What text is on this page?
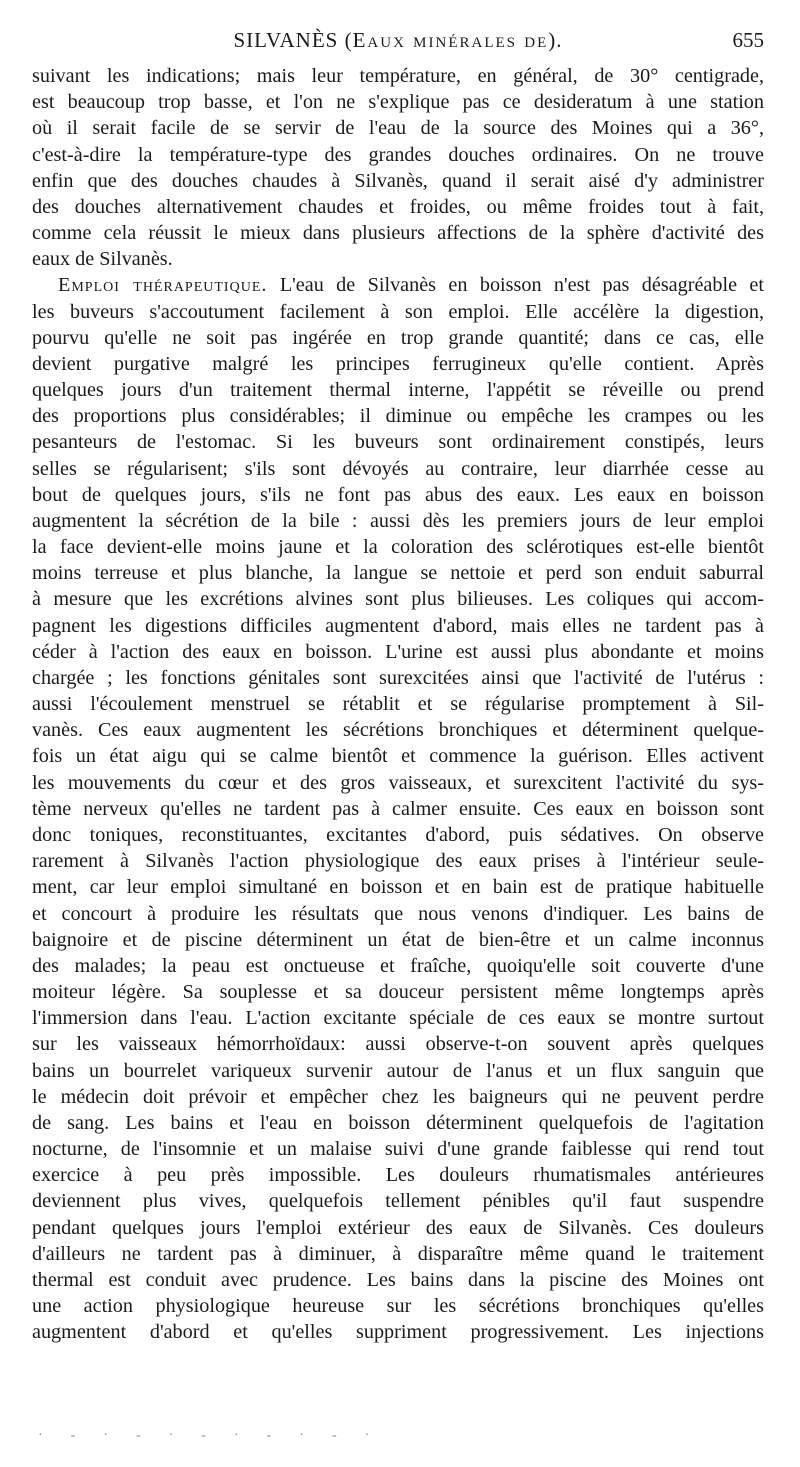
SILVANÈS (Eaux minérales de).	655
suivant les indications; mais leur température, en général, de 30° centigrade,
est beaucoup trop basse, et l'on ne s'explique pas ce desideratum à une station
où il serait facile de se servir de l'eau de la source des Moines qui a 36°,
c'est-à-dire la température-type des grandes douches ordinaires. On ne trouve
enfin que des douches chaudes à Silvanès, quand il serait aisé d'y administrer
des douches alternativement chaudes et froides, ou même froides tout à fait,
comme cela réussit le mieux dans plusieurs affections de la sphère d'activité des
eaux de Silvanès.
Emploi thérapeutique. L'eau de Silvanès en boisson n'est pas désagréable et
les buveurs s'accoutument facilement à son emploi. Elle accélère la digestion,
pourvu qu'elle ne soit pas ingérée en trop grande quantité; dans ce cas, elle
devient purgative malgré les principes ferrugineux qu'elle contient. Après
quelques jours d'un traitement thermal interne, l'appétit se réveille ou prend
des proportions plus considérables; il diminue ou empêche les crampes ou les
pesanteurs de l'estomac. Si les buveurs sont ordinairement constipés, leurs
selles se régularisent; s'ils sont dévoyés au contraire, leur diarrhée cesse au
bout de quelques jours, s'ils ne font pas abus des eaux. Les eaux en boisson
augmentent la sécrétion de la bile : aussi dès les premiers jours de leur emploi
la face devient-elle moins jaune et la coloration des sclérotiques est-elle bientôt
moins terreuse et plus blanche, la langue se nettoie et perd son enduit saburral
à mesure que les excrétions alvines sont plus bilieuses. Les coliques qui accom-
pagnent les digestions difficiles augmentent d'abord, mais elles ne tardent pas à
céder à l'action des eaux en boisson. L'urine est aussi plus abondante et moins
chargée ; les fonctions génitales sont surexcitées ainsi que l'activité de l'utérus :
aussi l'écoulement menstruel se rétablit et se régularise promptement à Sil-
vanès. Ces eaux augmentent les sécrétions bronchiques et déterminent quelque-
fois un état aigu qui se calme bientôt et commence la guérison. Elles activent
les mouvements du cœur et des gros vaisseaux, et surexcitent l'activité du sys-
tème nerveux qu'elles ne tardent pas à calmer ensuite. Ces eaux en boisson sont
donc toniques, reconstituantes, excitantes d'abord, puis sédatives. On observe
rarement à Silvanès l'action physiologique des eaux prises à l'intérieur seule-
ment, car leur emploi simultané en boisson et en bain est de pratique habituelle
et concourt à produire les résultats que nous venons d'indiquer. Les bains de
baignoire et de piscine déterminent un état de bien-être et un calme inconnus
des malades; la peau est onctueuse et fraîche, quoiqu'elle soit couverte d'une
moiteur légère. Sa souplesse et sa douceur persistent même longtemps après
l'immersion dans l'eau. L'action excitante spéciale de ces eaux se montre surtout
sur les vaisseaux hémorrhoïdaux: aussi observe-t-on souvent après quelques
bains un bourrelet variqueux survenir autour de l'anus et un flux sanguin que
le médecin doit prévoir et empêcher chez les baigneurs qui ne peuvent perdre
de sang. Les bains et l'eau en boisson déterminent quelquefois de l'agitation
nocturne, de l'insomnie et un malaise suivi d'une grande faiblesse qui rend tout
exercice à peu près impossible. Les douleurs rhumatismales antérieures
deviennent plus vives, quelquefois tellement pénibles qu'il faut suspendre
pendant quelques jours l'emploi extérieur des eaux de Silvanès. Ces douleurs
d'ailleurs ne tardent pas à diminuer, à disparaître même quand le traitement
thermal est conduit avec prudence. Les bains dans la piscine des Moines ont
une action physiologique heureuse sur les sécrétions bronchiques qu'elles
augmentent d'abord et qu'elles suppriment progressivement. Les injections
·-·-·-·-·-·
